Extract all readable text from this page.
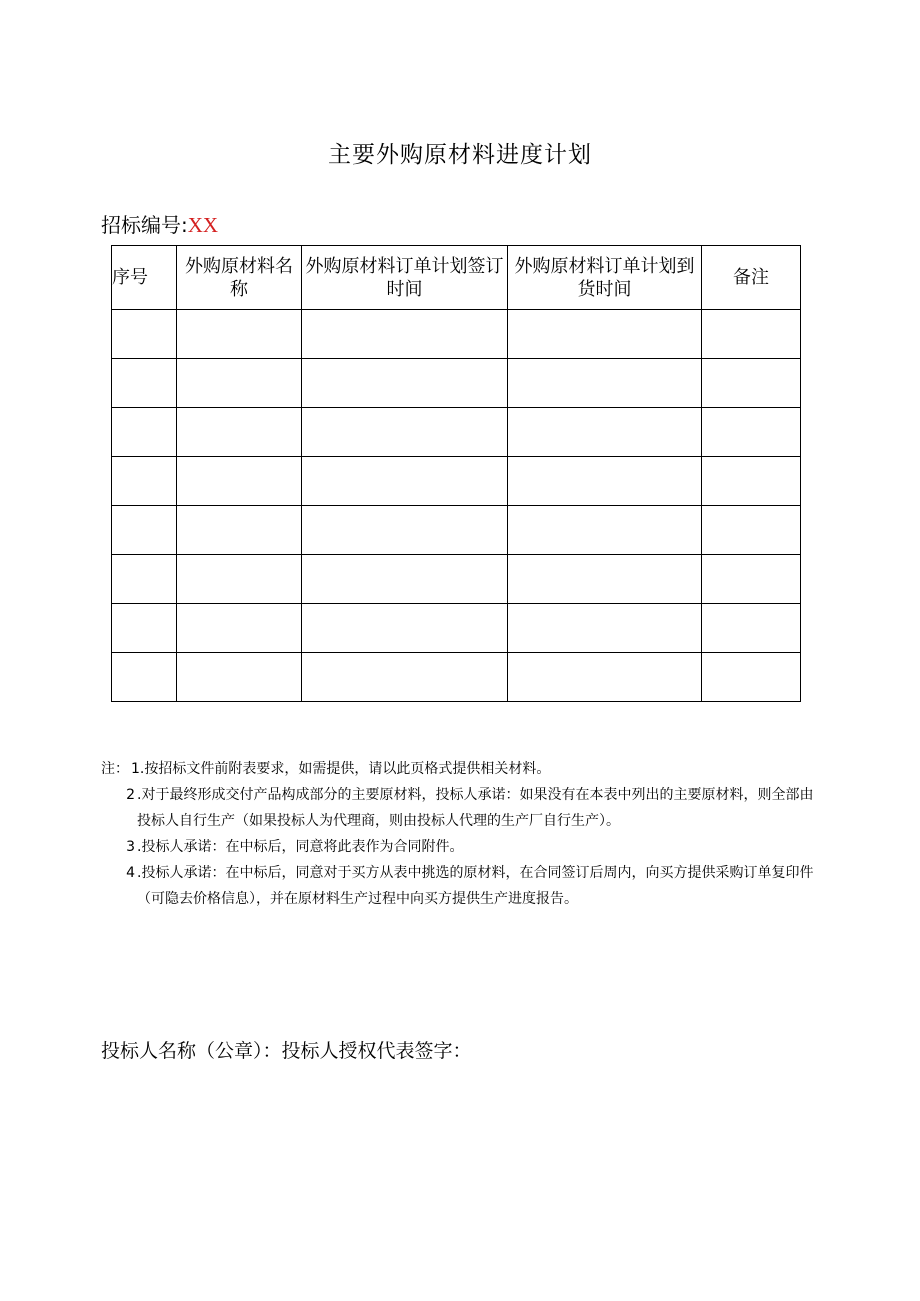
主要外购原材料进度计划
招标编号:XX
序号	外购原材料名称	外购原材料订单计划签订时间	外购原材料订单计划到货时间	备注

注： 1. 按招标文件前附表要求，如需提供，请以此页格式提供相关材料。
2 .对于最终形成交付产品构成部分的主要原材料，投标人承诺：如果没有在本表中列出的主要原材料，则全部由投标人自行生产（如果投标人为代理商，则由投标人代理的生产厂自行生产）。
3 .投标人承诺：在中标后，同意将此表作为合同附件。
4 .投标人承诺：在中标后，同意对于买方从表中挑选的原材料，在合同签订后周内，向买方提供采购订单复印件（可隐去价格信息），并在原材料生产过程中向买方提供生产进度报告。
投标人名称（公章）：投标人授权代表签字：
